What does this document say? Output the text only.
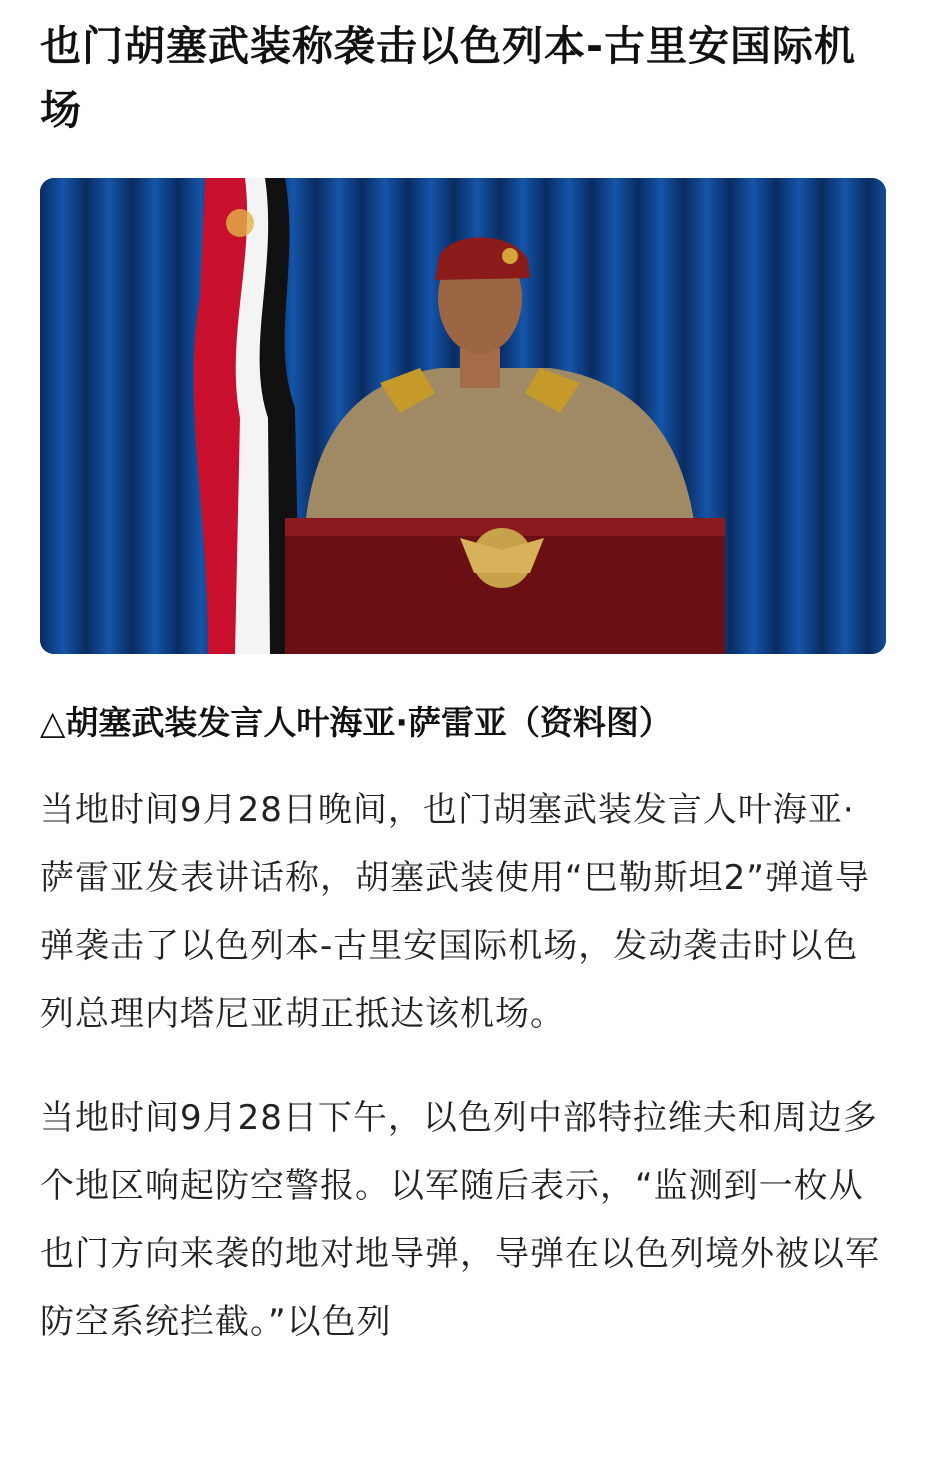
也门胡塞武装称袭击以色列本-古里安国际机场
△胡塞武装发言人叶海亚·萨雷亚（资料图）

当地时间9月28日晚间，也门胡塞武装发言人叶海亚·萨雷亚发表讲话称，胡塞武装使用“巴勒斯坦2”弹道导弹袭击了以色列本-古里安国际机场，发动袭击时以色列总理内塔尼亚胡正抵达该机场。

当地时间9月28日下午，以色列中部特拉维夫和周边多个地区响起防空警报。以军随后表示，“监测到一枚从也门方向来袭的地对地导弹，导弹在以色列境外被以军防空系统拦截。”以色列

早
